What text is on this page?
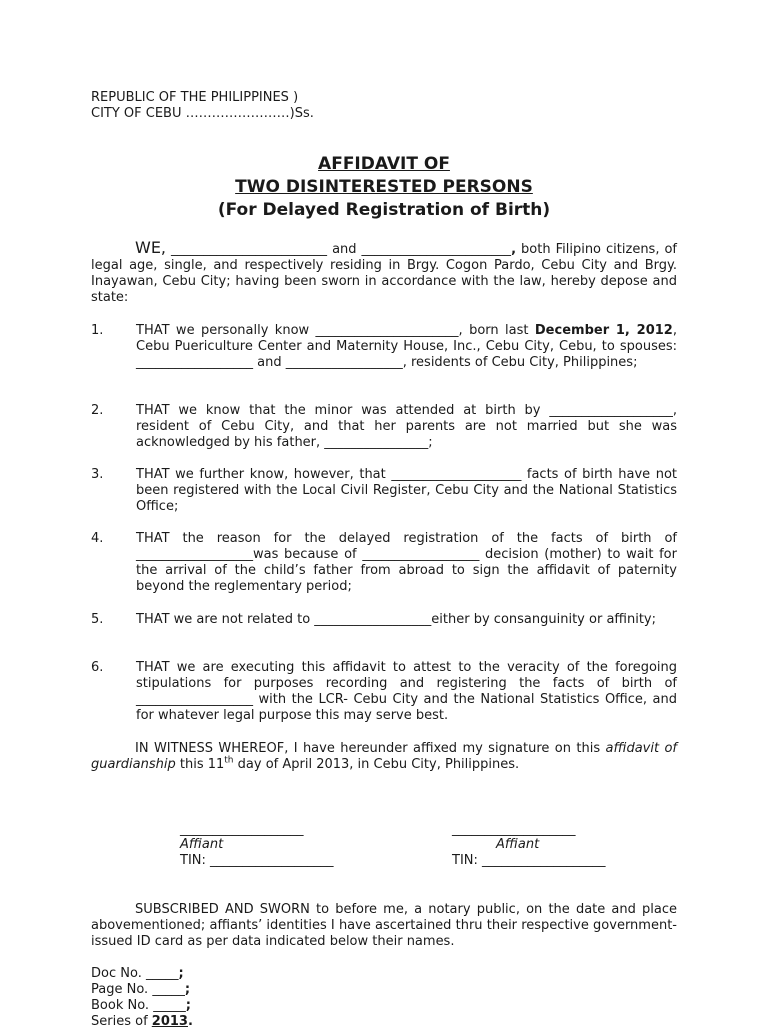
REPUBLIC OF THE PHILIPPINES )
CITY OF CEBU ……………………)Ss.
AFFIDAVIT OF
TWO DISINTERESTED PERSONS
(For Delayed Registration of Birth)
WE, ________________________ and _______________________, both Filipino citizens, of legal age, single, and respectively residing in Brgy. Cogon Pardo, Cebu City and Brgy. Inayawan, Cebu City; having been sworn in accordance with the law, hereby depose and state:
1.	THAT we personally know ______________________, born last December 1, 2012, Cebu Puericulture Center and Maternity House, Inc., Cebu City, Cebu, to spouses: __________________ and __________________, residents of Cebu City, Philippines;
2.	THAT we know that the minor was attended at birth by ___________________, resident of Cebu City, and that her parents are not married but she was acknowledged by his father, ________________;
3.	THAT we further know, however, that ____________________ facts of birth have not been registered with the Local Civil Register, Cebu City and the National Statistics Office;
4.	THAT the reason for the delayed registration of the facts of birth of __________________was because of __________________ decision (mother) to wait for the arrival of the child’s father from abroad to sign the affidavit of paternity beyond the reglementary period;
5.	THAT we are not related to __________________either by consanguinity or affinity;
6.	THAT we are executing this affidavit to attest to the veracity of the foregoing stipulations for purposes recording and registering the facts of birth of __________________ with the LCR- Cebu City and the National Statistics Office, and for whatever legal purpose this may serve best.
IN WITNESS WHEREOF, I have hereunder affixed my signature on this affidavit of guardianship this 11th day of April 2013, in Cebu City, Philippines.
___________________
Affiant
TIN: ___________________
___________________
Affiant
TIN: ___________________
SUBSCRIBED AND SWORN to before me, a notary public, on the date and place abovementioned; affiants’ identities I have ascertained thru their respective government-issued ID card as per data indicated below their names.
Doc No. _____;
Page No. _____;
Book No. _____;
Series of 2013.
